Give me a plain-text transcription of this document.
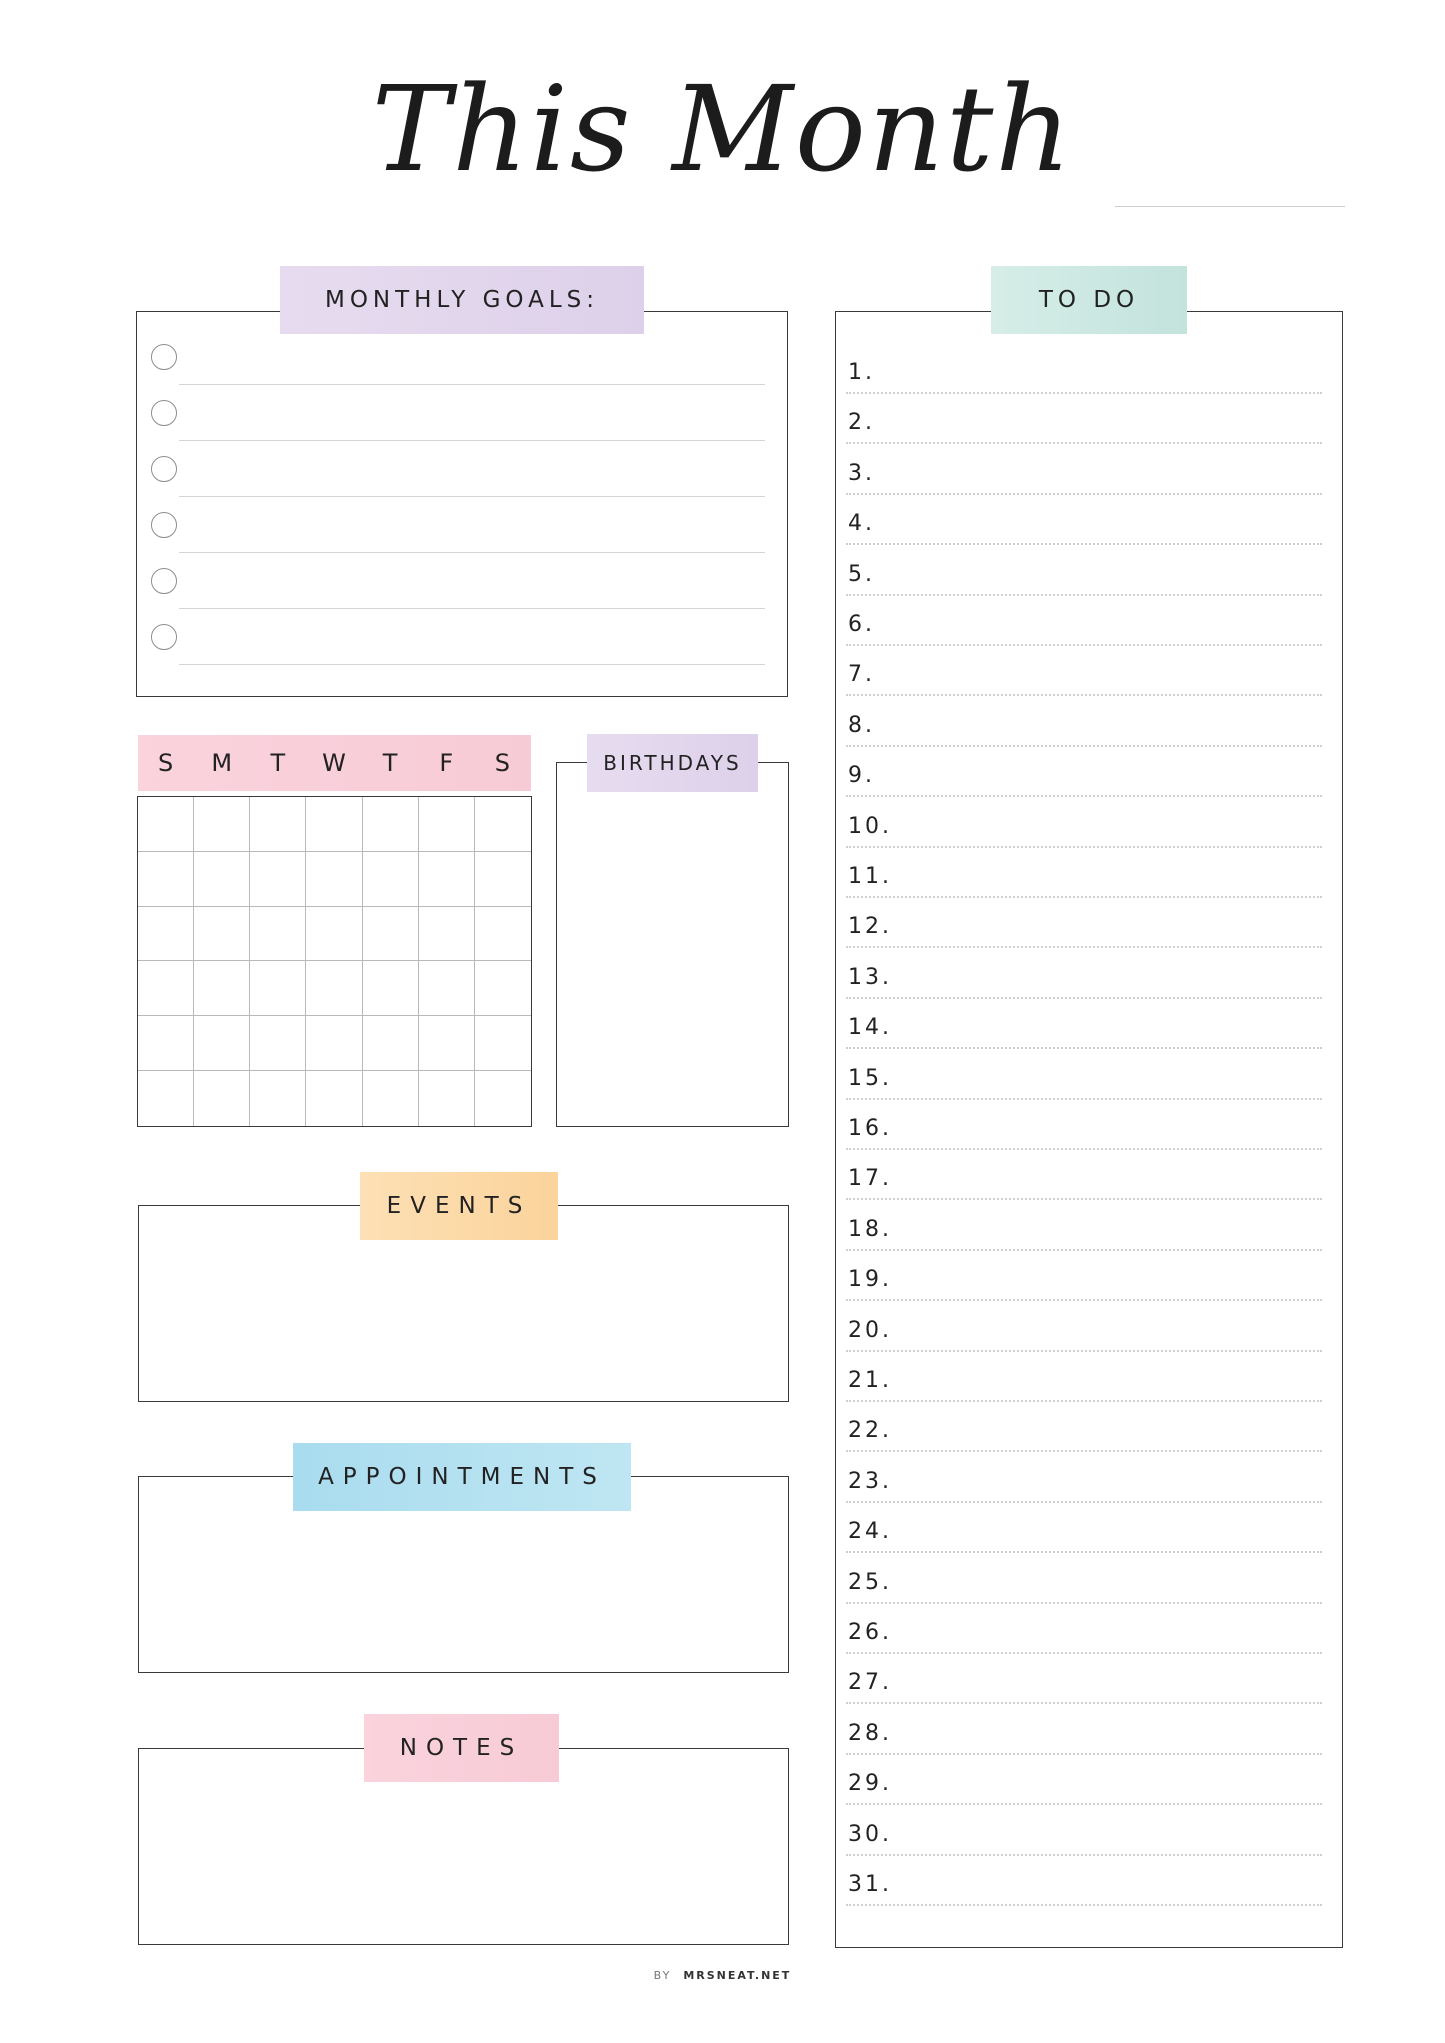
This Month
MONTHLY GOALS:
1.
2.
3.
4.
5.
6.
7.
8.
9.
10.
11.
12.
13.
14.
15.
16.
17.
18.
19.
20.
21.
22.
23.
24.
25.
26.
27.
28.
29.
30.
31.
TO DO
S	M	T	W	T	F	S	BIRTHDAYS
EVENTS
APPOINTMENTS
NOTES
BY MRSNEAT.NET
